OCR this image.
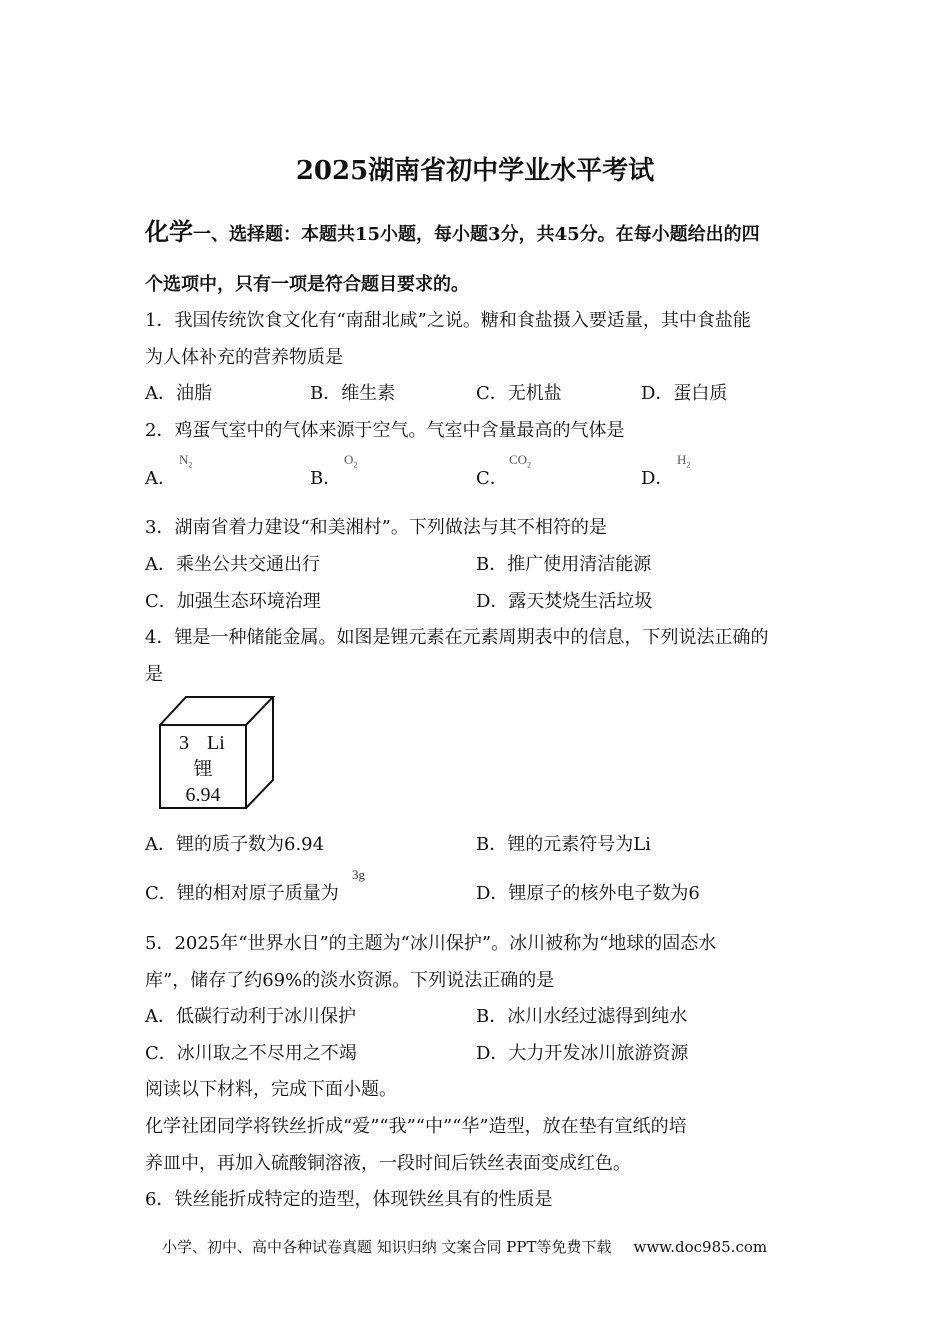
2025湖南省初中学业水平考试
化学一、选择题：本题共15小题，每小题3分，共45分。在每小题给出的四
个选项中，只有一项是符合题目要求的。
1．我国传统饮食文化有“南甜北咸”之说。糖和食盐摄入要适量，其中食盐能
为人体补充的营养物质是
A．油脂	B．维生素	C．无机盐	D．蛋白质
2．鸡蛋气室中的气体来源于空气。气室中含量最高的气体是
A．
$N_2$
B．
$O_2$
C．
$CO_2$
D．
$H_2$
3．湖南省着力建设“和美湘村”。下列做法与其不相符的是
A．乘坐公共交通出行	B．推广使用清洁能源
C．加强生态环境治理	D．露天焚烧生活垃圾
4．锂是一种储能金属。如图是锂元素在元素周期表中的信息，下列说法正确的
是
3 Li
锂
6.94
A．锂的质子数为6.94	B．锂的元素符号为Li
C．锂的相对原子质量为
3g
D．锂原子的核外电子数为6
5．2025年“世界水日”的主题为“冰川保护”。冰川被称为“地球的固态水
库”，储存了约69%的淡水资源。下列说法正确的是
A．低碳行动利于冰川保护	B．冰川水经过滤得到纯水
C．冰川取之不尽用之不竭	D．大力开发冰川旅游资源
阅读以下材料，完成下面小题。
化学社团同学将铁丝折成“爱”“我”“中”“华”造型，放在垫有宣纸的培
养皿中，再加入硫酸铜溶液，一段时间后铁丝表面变成红色。
6．铁丝能折成特定的造型，体现铁丝具有的性质是
小学、初中、高中各种试卷真题 知识归纳 文案合同 PPT等免费下载 www.doc985.com
